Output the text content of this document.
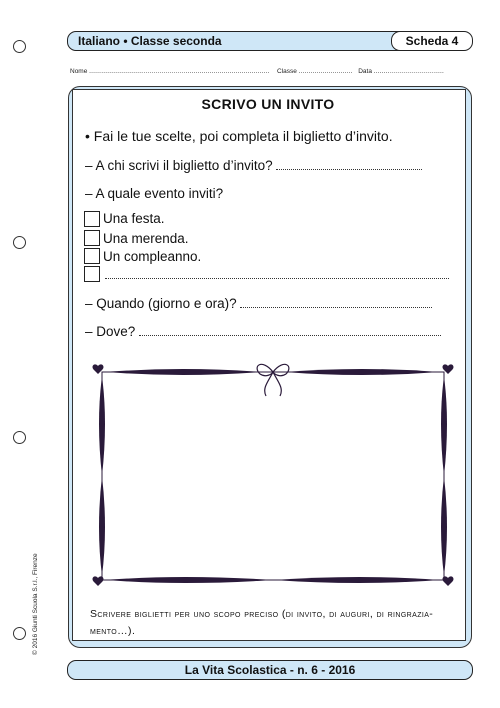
Italiano • Classe seconda	Scheda 4
Nome .......................................................................................... Classe ........................... Data ...................................
SCRIVO UN INVITO
• Fai le tue scelte, poi completa il biglietto d’invito.
– A chi scrivi il biglietto d’invito?
– A quale evento inviti?
Una festa.
Una merenda.
Un compleanno.
– Quando (giorno e ora)?
– Dove?
Scrivere biglietti per uno scopo preciso (di invito, di auguri, di ringrazia-mento…).
© 2016 Giunti Scuola S.r.l., Firenze
La Vita Scolastica - n. 6 - 2016
